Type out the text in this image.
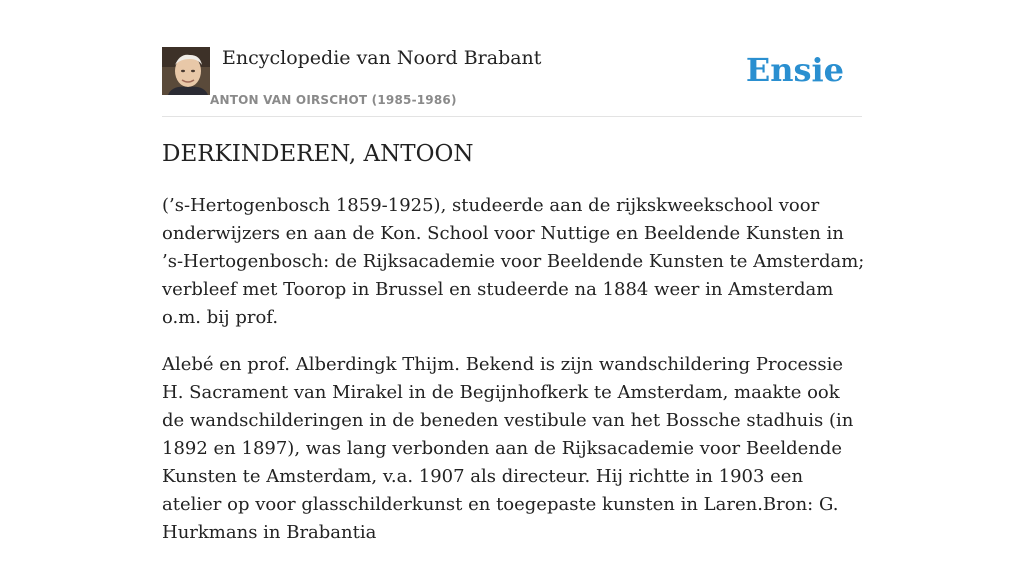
Encyclopedie van Noord Brabant
ANTON VAN OIRSCHOT (1985-1986)
Ensie
DERKINDEREN, ANTOON

(’s-Hertogenbosch 1859-1925), studeerde aan de rijkskweekschool voor onderwijzers en aan de Kon. School voor Nuttige en Beeldende Kunsten in ’s-Hertogenbosch: de Rijksacademie voor Beeldende Kunsten te Amsterdam; verbleef met Toorop in Brussel en studeerde na 1884 weer in Amsterdam o.m. bij prof.

Alebé en prof. Alberdingk Thijm. Bekend is zijn wandschildering Processie H. Sacrament van Mirakel in de Begijnhofkerk te Amsterdam, maakte ook de wandschilderingen in de beneden vestibule van het Bossche stadhuis (in 1892 en 1897), was lang verbonden aan de Rijksacademie voor Beeldende Kunsten te Amsterdam, v.a. 1907 als directeur. Hij richtte in 1903 een atelier op voor glasschilderkunst en toegepaste kunsten in Laren.Bron: G. Hurkmans in Brabantia
